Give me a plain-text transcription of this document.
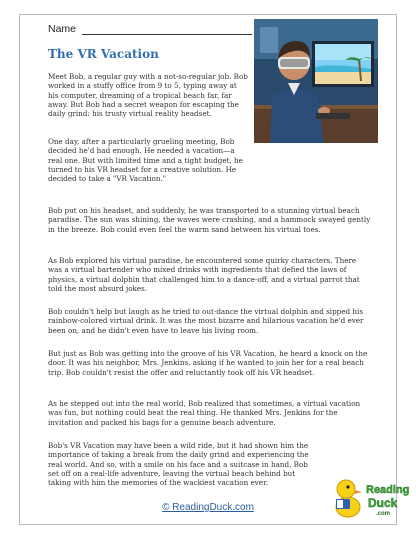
Name
The VR Vacation

Meet Bob, a regular guy with a not-so-regular job. Bob worked in a stuffy office from 9 to 5, typing away at his computer, dreaming of a tropical beach far, far away. But Bob had a secret weapon for escaping the daily grind: his trusty virtual reality headset.

One day, after a particularly grueling meeting, Bob decided he'd had enough. He needed a vacation—a real one. But with limited time and a tight budget, he turned to his VR headset for a creative solution. He decided to take a "VR Vacation."

Bob put on his headset, and suddenly, he was transported to a stunning virtual beach paradise. The sun was shining, the waves were crashing, and a hammock swayed gently in the breeze. Bob could even feel the warm sand between his virtual toes.

As Bob explored his virtual paradise, he encountered some quirky characters. There was a virtual bartender who mixed drinks with ingredients that defied the laws of physics, a virtual dolphin that challenged him to a dance-off, and a virtual parrot that told the most absurd jokes.

Bob couldn't help but laugh as he tried to out-dance the virtual dolphin and sipped his rainbow-colored virtual drink. It was the most bizarre and hilarious vacation he'd ever been on, and he didn't even have to leave his living room.

But just as Bob was getting into the groove of his VR Vacation, he heard a knock on the door. It was his neighbor, Mrs. Jenkins, asking if he wanted to join her for a real beach trip. Bob couldn't resist the offer and reluctantly took off his VR headset.

As he stepped out into the real world, Bob realized that sometimes, a virtual vacation was fun, but nothing could beat the real thing. He thanked Mrs. Jenkins for the invitation and packed his bags for a genuine beach adventure.

Bob's VR Vacation may have been a wild ride, but it had shown him the importance of taking a break from the daily grind and experiencing the real world. And so, with a smile on his face and a suitcase in hand, Bob set off on a real-life adventure, leaving the virtual beach behind but taking with him the memories of the wackiest vacation ever.

© ReadingDuck.com
Reading
Duck
.com
